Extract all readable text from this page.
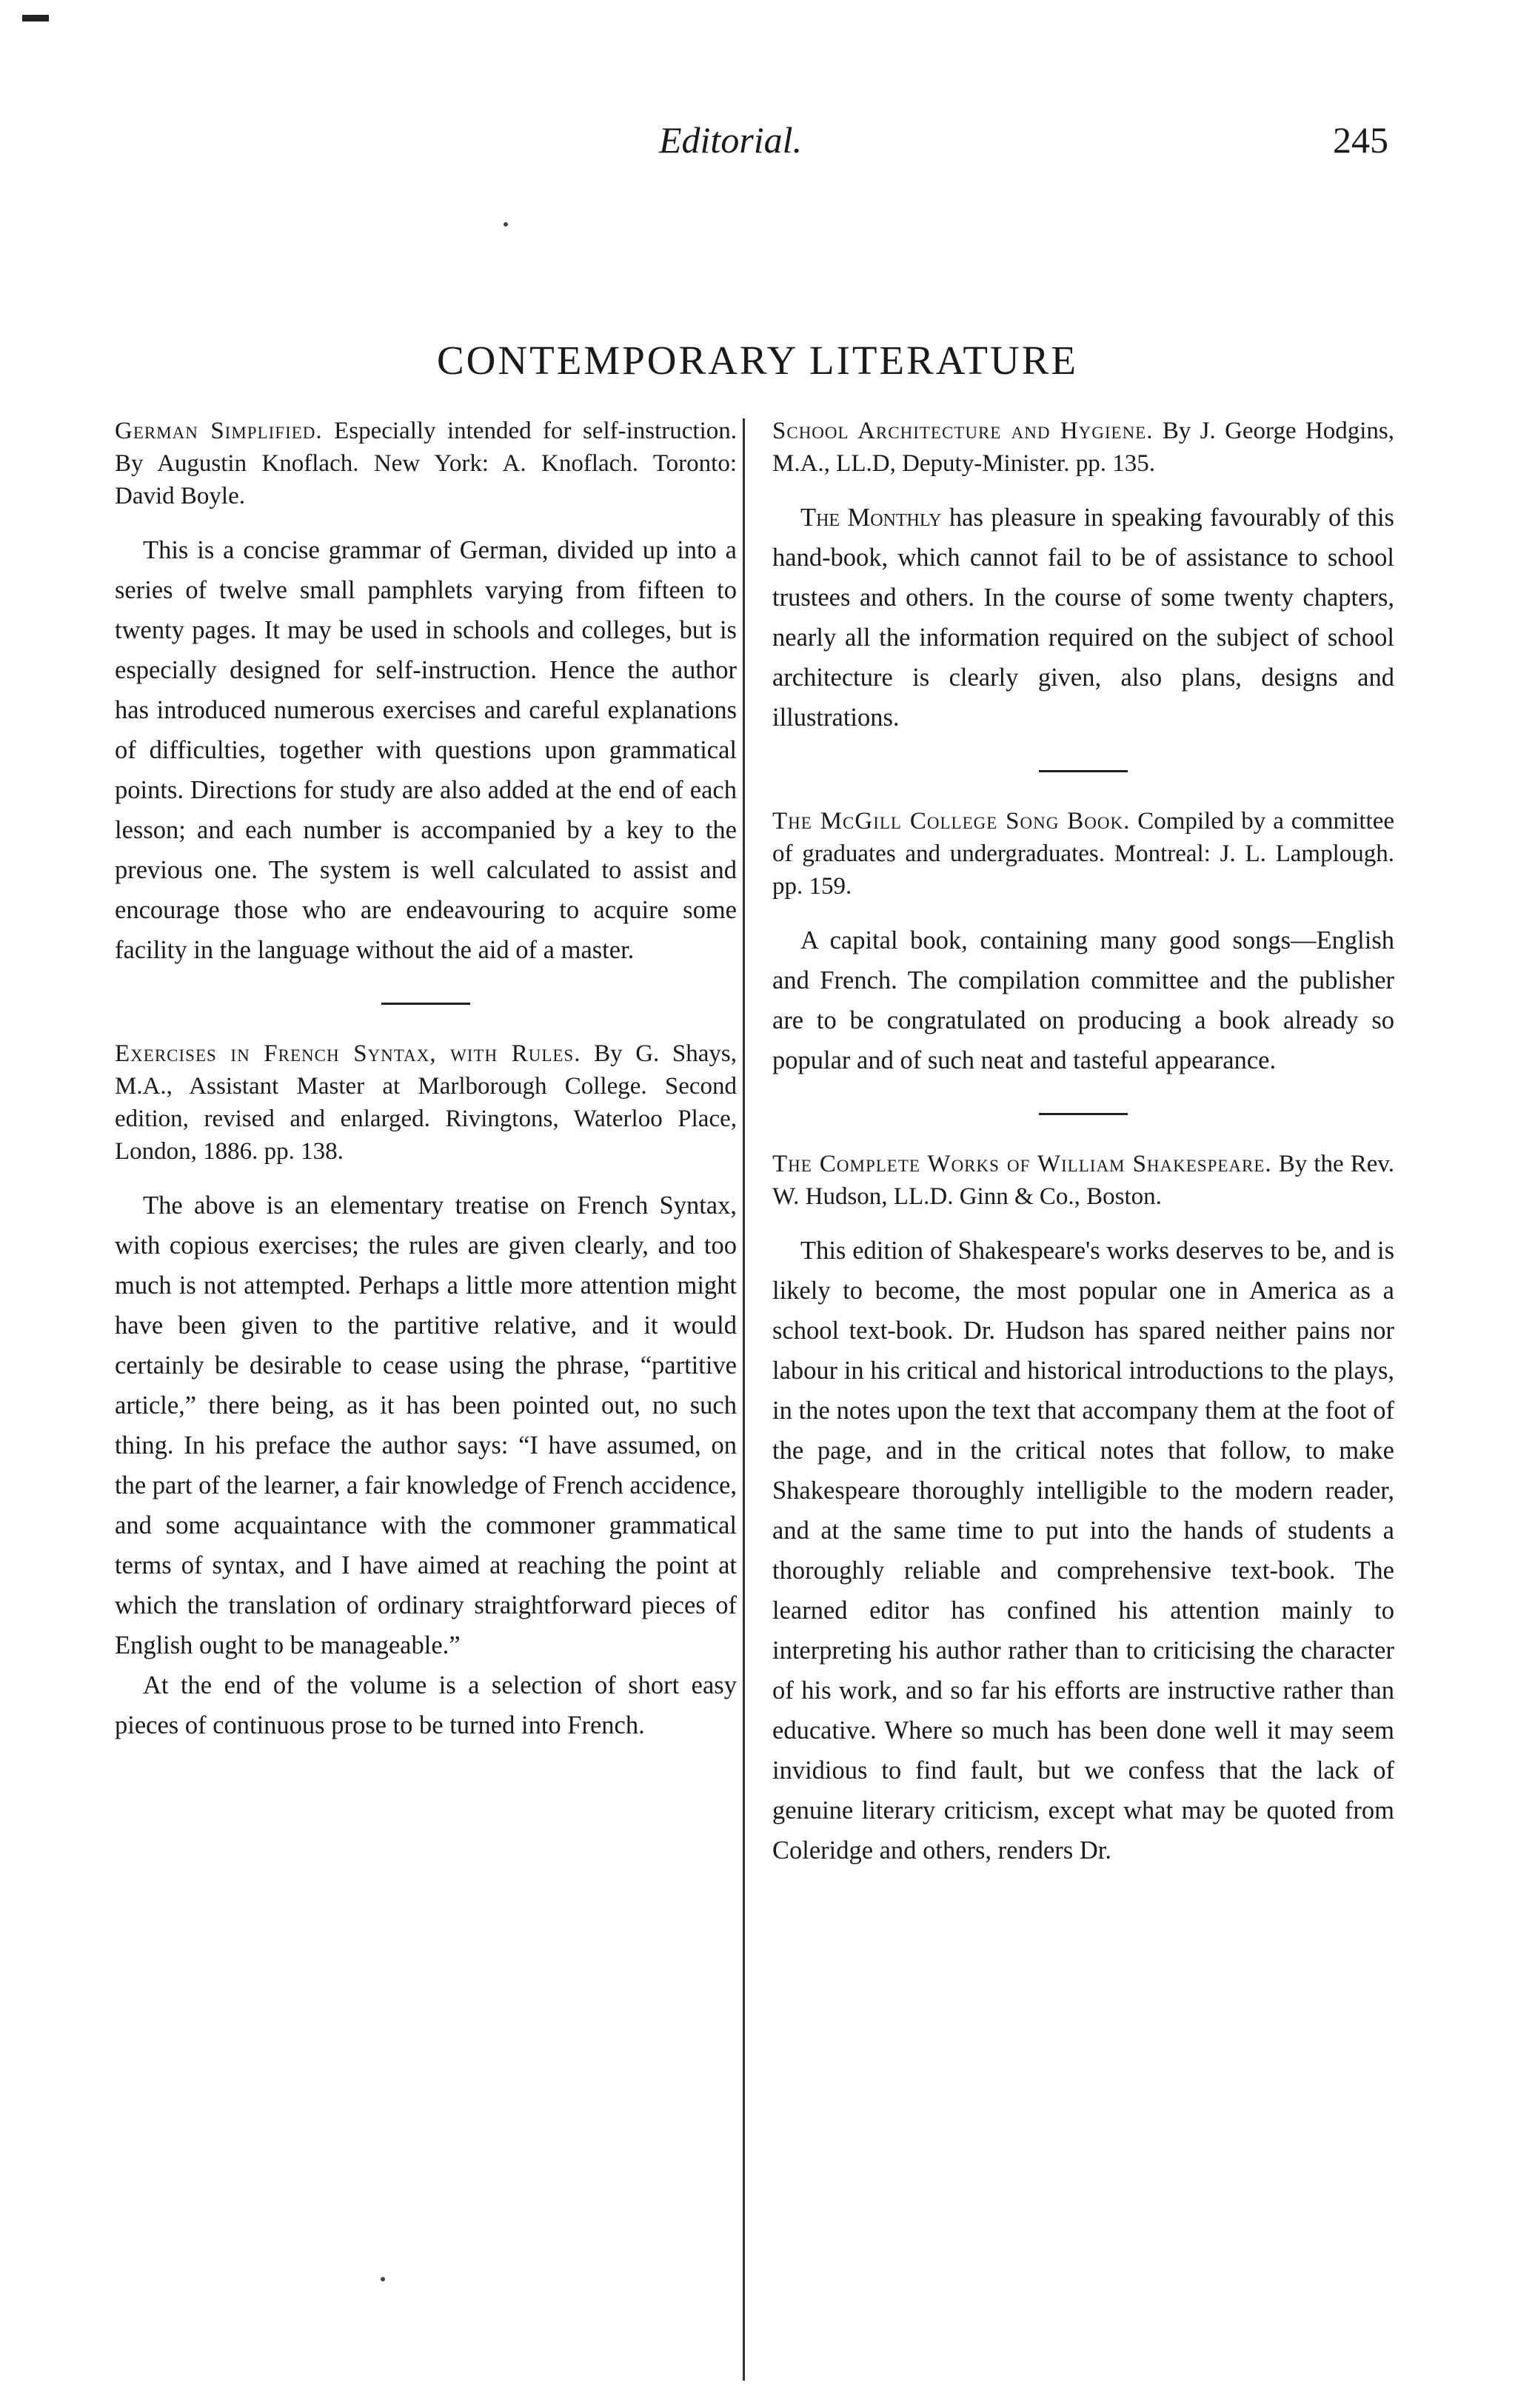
Editorial.	245
CONTEMPORARY LITERATURE

German Simplified. Especially intended for self-instruction. By Augustin Knoflach. New York: A. Knoflach. Toronto: David Boyle.

This is a concise grammar of German, divided up into a series of twelve small pamphlets varying from fifteen to twenty pages. It may be used in schools and colleges, but is especially designed for self-instruction. Hence the author has introduced numerous exercises and careful explanations of difficulties, together with questions upon grammatical points. Directions for study are also added at the end of each lesson; and each number is accompanied by a key to the previous one. The system is well calculated to assist and encourage those who are endeavouring to acquire some facility in the language without the aid of a master.

Exercises in French Syntax, with Rules. By G. Shays, M.A., Assistant Master at Marlborough College. Second edition, revised and enlarged. Rivingtons, Waterloo Place, London, 1886. pp. 138.

The above is an elementary treatise on French Syntax, with copious exercises; the rules are given clearly, and too much is not attempted. Perhaps a little more attention might have been given to the partitive relative, and it would certainly be desirable to cease using the phrase, “partitive article,” there being, as it has been pointed out, no such thing. In his preface the author says: “I have assumed, on the part of the learner, a fair knowledge of French accidence, and some acquaintance with the commoner grammatical terms of syntax, and I have aimed at reaching the point at which the translation of ordinary straightforward pieces of English ought to be manageable.”

At the end of the volume is a selection of short easy pieces of continuous prose to be turned into French.

School Architecture and Hygiene. By J. George Hodgins, M.A., LL.D, Deputy-Minister. pp. 135.

The Monthly has pleasure in speaking favourably of this hand-book, which cannot fail to be of assistance to school trustees and others. In the course of some twenty chapters, nearly all the information required on the subject of school architecture is clearly given, also plans, designs and illustrations.

The McGill College Song Book. Compiled by a committee of graduates and undergraduates. Montreal: J. L. Lamplough. pp. 159.

A capital book, containing many good songs—English and French. The compilation committee and the publisher are to be congratulated on producing a book already so popular and of such neat and tasteful appearance.

The Complete Works of William Shakespeare. By the Rev. W. Hudson, LL.D. Ginn & Co., Boston.

This edition of Shakespeare's works deserves to be, and is likely to become, the most popular one in America as a school text-book. Dr. Hudson has spared neither pains nor labour in his critical and historical introductions to the plays, in the notes upon the text that accompany them at the foot of the page, and in the critical notes that follow, to make Shakespeare thoroughly intelligible to the modern reader, and at the same time to put into the hands of students a thoroughly reliable and comprehensive text-book. The learned editor has confined his attention mainly to interpreting his author rather than to criticising the character of his work, and so far his efforts are instructive rather than educative. Where so much has been done well it may seem invidious to find fault, but we confess that the lack of genuine literary criticism, except what may be quoted from Coleridge and others, renders Dr.
